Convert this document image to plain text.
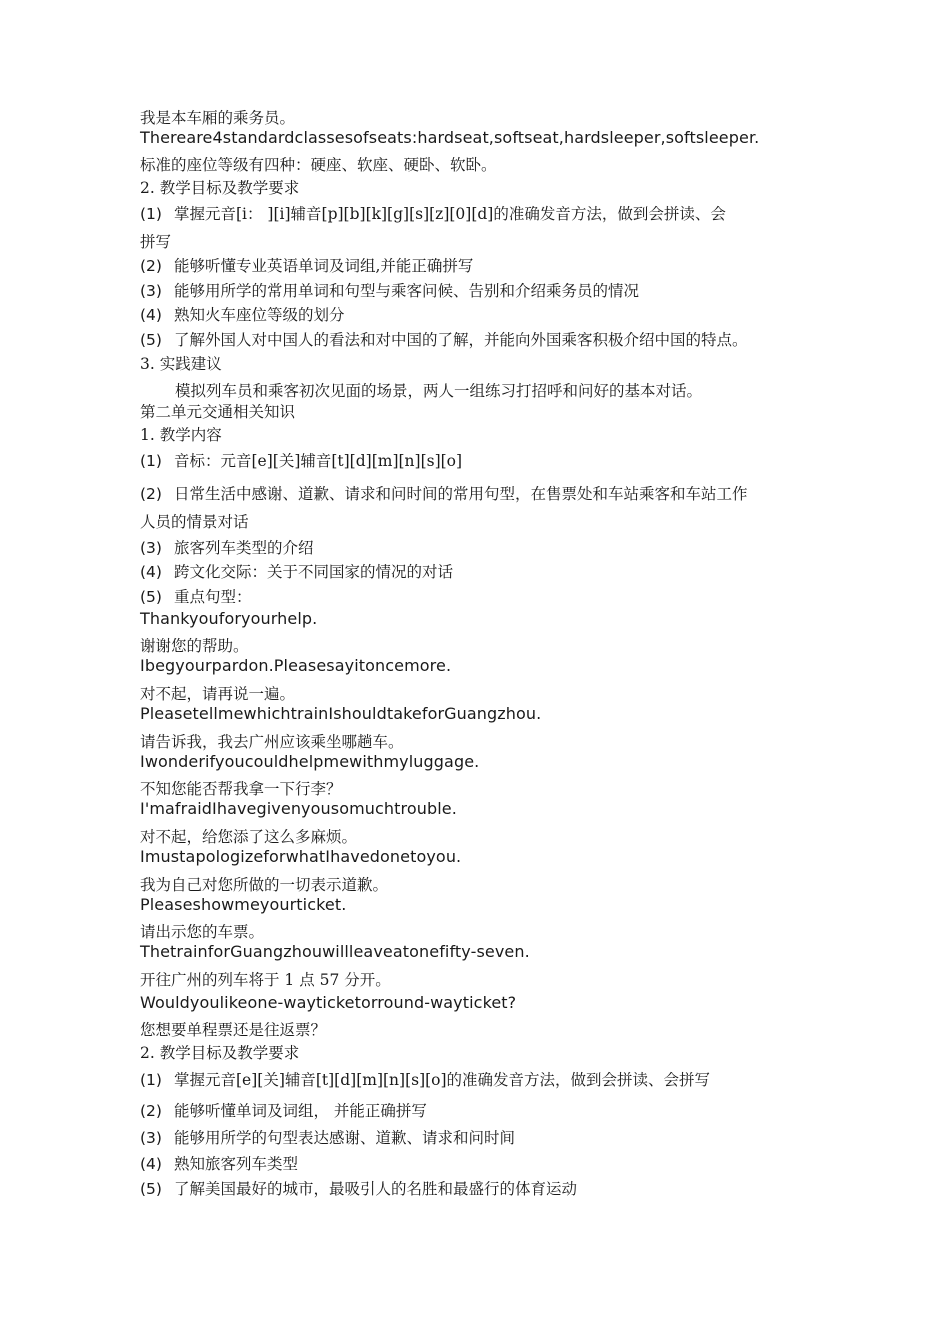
我是本车厢的乘务员。
Thereare4standardclassesofseats:hardseat,softseat,hardsleeper,softsleeper.
标准的座位等级有四种：硬座、软座、硬卧、软卧。
2. 教学目标及教学要求
(1) 掌握元音[i： ][i]辅音[p][b][k][g][s][z][0][d]的准确发音方法，做到会拼读、会
拼写
(2) 能够听懂专业英语单词及词组,并能正确拼写
(3) 能够用所学的常用单词和句型与乘客问候、告别和介绍乘务员的情况
(4) 熟知火车座位等级的划分
(5) 了解外国人对中国人的看法和对中国的了解，并能向外国乘客积极介绍中国的特点。
3. 实践建议
模拟列车员和乘客初次见面的场景，两人一组练习打招呼和问好的基本对话。
第二单元交通相关知识
1. 教学内容
(1) 音标：元音[e][关]辅音[t][d][m][n][s][o]
(2) 日常生活中感谢、道歉、请求和问时间的常用句型，在售票处和车站乘客和车站工作
人员的情景对话
(3) 旅客列车类型的介绍
(4) 跨文化交际：关于不同国家的情况的对话
(5) 重点句型：
Thankyouforyourhelp.
谢谢您的帮助。
Ibegyourpardon.Pleasesayitoncemore.
对不起，请再说一遍。
PleasetellmewhichtrainIshouldtakeforGuangzhou.
请告诉我，我去广州应该乘坐哪趟车。
Iwonderifyoucouldhelpmewithmyluggage.
不知您能否帮我拿一下行李？
I'mafraidIhavegivenyousomuchtrouble.
对不起，给您添了这么多麻烦。
ImustapologizeforwhatIhavedonetoyou.
我为自己对您所做的一切表示道歉。
Pleaseshowmeyourticket.
请出示您的车票。
ThetrainforGuangzhouwillleaveatonefifty-seven.
开往广州的列车将于 1 点 57 分开。
Wouldyoulikeone-wayticketorround-wayticket?
您想要单程票还是往返票？
2. 教学目标及教学要求
(1) 掌握元音[e][关]辅音[t][d][m][n][s][o]的准确发音方法，做到会拼读、会拼写
(2) 能够听懂单词及词组， 并能正确拼写
(3) 能够用所学的句型表达感谢、道歉、请求和问时间
(4) 熟知旅客列车类型
(5) 了解美国最好的城市，最吸引人的名胜和最盛行的体育运动
